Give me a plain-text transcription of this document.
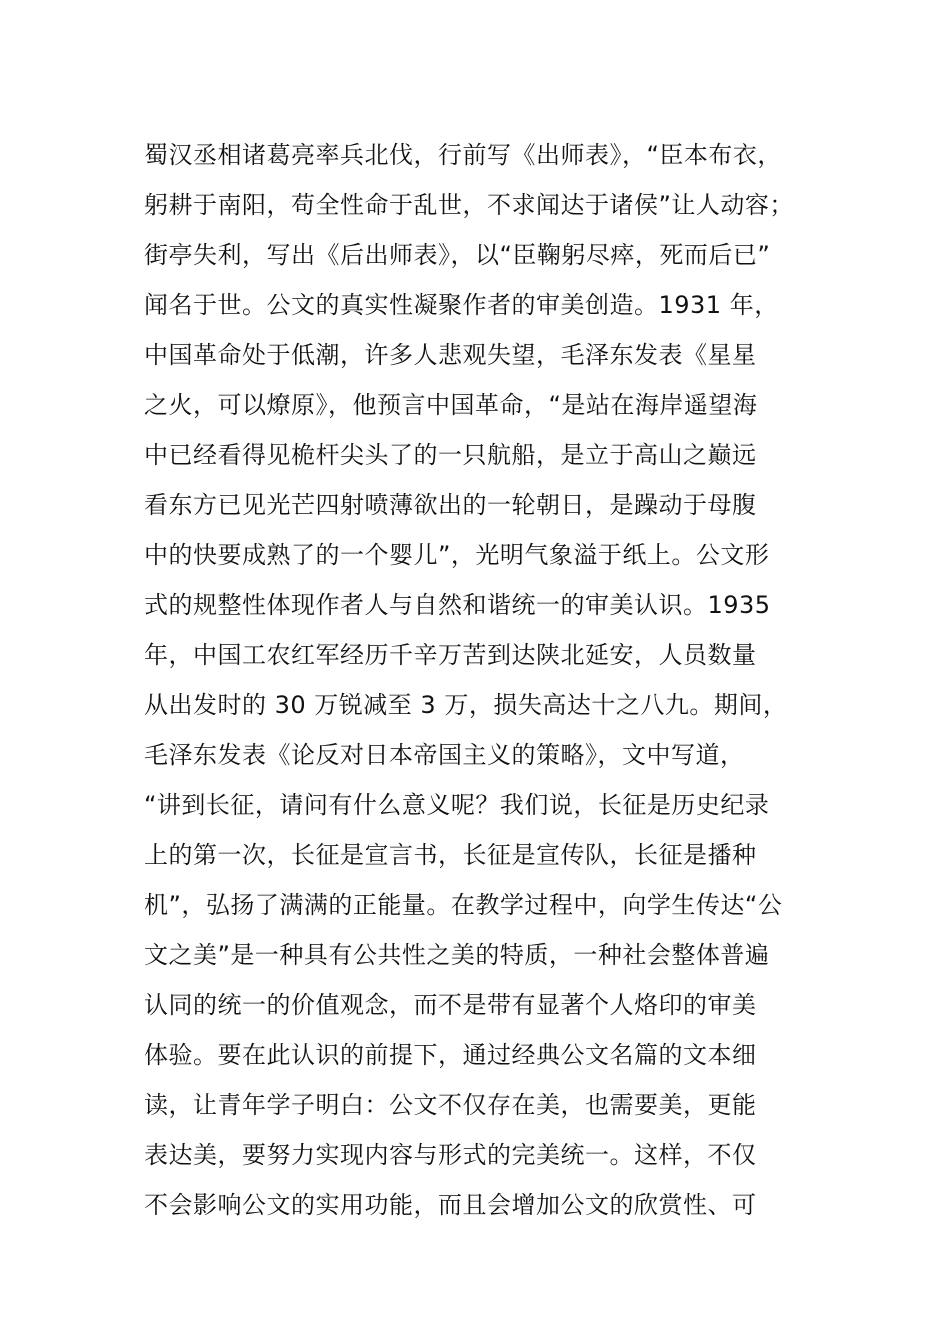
蜀汉丞相诸葛亮率兵北伐，行前写《出师表》，“臣本布衣，
躬耕于南阳，苟全性命于乱世，不求闻达于诸侯”让人动容；
街亭失利，写出《后出师表》，以“臣鞠躬尽瘁，死而后已”
闻名于世。公文的真实性凝聚作者的审美创造。1931 年，
中国革命处于低潮，许多人悲观失望，毛泽东发表《星星
之火，可以燎原》，他预言中国革命，“是站在海岸遥望海
中已经看得见桅杆尖头了的一只航船，是立于高山之巅远
看东方已见光芒四射喷薄欲出的一轮朝日，是躁动于母腹
中的快要成熟了的一个婴儿”，光明气象溢于纸上。公文形
式的规整性体现作者人与自然和谐统一的审美认识。1935
年，中国工农红军经历千辛万苦到达陕北延安，人员数量
从出发时的 30 万锐减至 3 万，损失高达十之八九。期间，
毛泽东发表《论反对日本帝国主义的策略》，文中写道，
“讲到长征，请问有什么意义呢？我们说，长征是历史纪录
上的第一次，长征是宣言书，长征是宣传队，长征是播种
机”，弘扬了满满的正能量。在教学过程中，向学生传达“公
文之美”是一种具有公共性之美的特质，一种社会整体普遍
认同的统一的价值观念，而不是带有显著个人烙印的审美
体验。要在此认识的前提下，通过经典公文名篇的文本细
读，让青年学子明白：公文不仅存在美，也需要美，更能
表达美，要努力实现内容与形式的完美统一。这样，不仅
不会影响公文的实用功能，而且会增加公文的欣赏性、可
